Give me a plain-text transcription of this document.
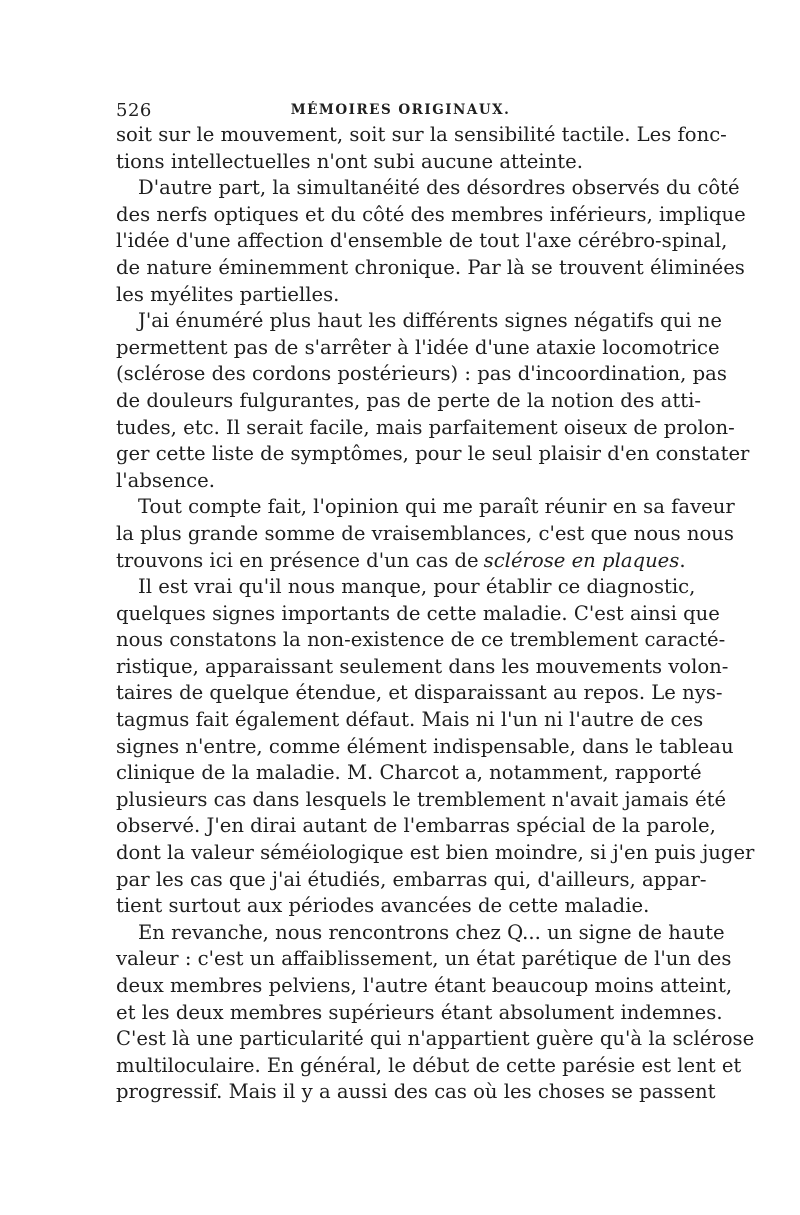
526	MÉMOIRES ORIGINAUX.
soit sur le mouvement, soit sur la sensibilité tactile. Les fonc-
tions intellectuelles n'ont subi aucune atteinte.
D'autre part, la simultanéité des désordres observés du côté
des nerfs optiques et du côté des membres inférieurs, implique
l'idée d'une affection d'ensemble de tout l'axe cérébro-spinal,
de nature éminemment chronique. Par là se trouvent éliminées
les myélites partielles.
J'ai énuméré plus haut les différents signes négatifs qui ne
permettent pas de s'arrêter à l'idée d'une ataxie locomotrice
(sclérose des cordons postérieurs) : pas d'incoordination, pas
de douleurs fulgurantes, pas de perte de la notion des atti-
tudes, etc. Il serait facile, mais parfaitement oiseux de prolon-
ger cette liste de symptômes, pour le seul plaisir d'en constater
l'absence.
Tout compte fait, l'opinion qui me paraît réunir en sa faveur
la plus grande somme de vraisemblances, c'est que nous nous
trouvons ici en présence d'un cas de sclérose en plaques.
Il est vrai qu'il nous manque, pour établir ce diagnostic,
quelques signes importants de cette maladie. C'est ainsi que
nous constatons la non-existence de ce tremblement caracté-
ristique, apparaissant seulement dans les mouvements volon-
taires de quelque étendue, et disparaissant au repos. Le nys-
tagmus fait également défaut. Mais ni l'un ni l'autre de ces
signes n'entre, comme élément indispensable, dans le tableau
clinique de la maladie. M. Charcot a, notamment, rapporté
plusieurs cas dans lesquels le tremblement n'avait jamais été
observé. J'en dirai autant de l'embarras spécial de la parole,
dont la valeur séméiologique est bien moindre, si j'en puis juger
par les cas que j'ai étudiés, embarras qui, d'ailleurs, appar-
tient surtout aux périodes avancées de cette maladie.
En revanche, nous rencontrons chez Q... un signe de haute
valeur : c'est un affaiblissement, un état parétique de l'un des
deux membres pelviens, l'autre étant beaucoup moins atteint,
et les deux membres supérieurs étant absolument indemnes.
C'est là une particularité qui n'appartient guère qu'à la sclérose
multiloculaire. En général, le début de cette parésie est lent et
progressif. Mais il y a aussi des cas où les choses se passent
